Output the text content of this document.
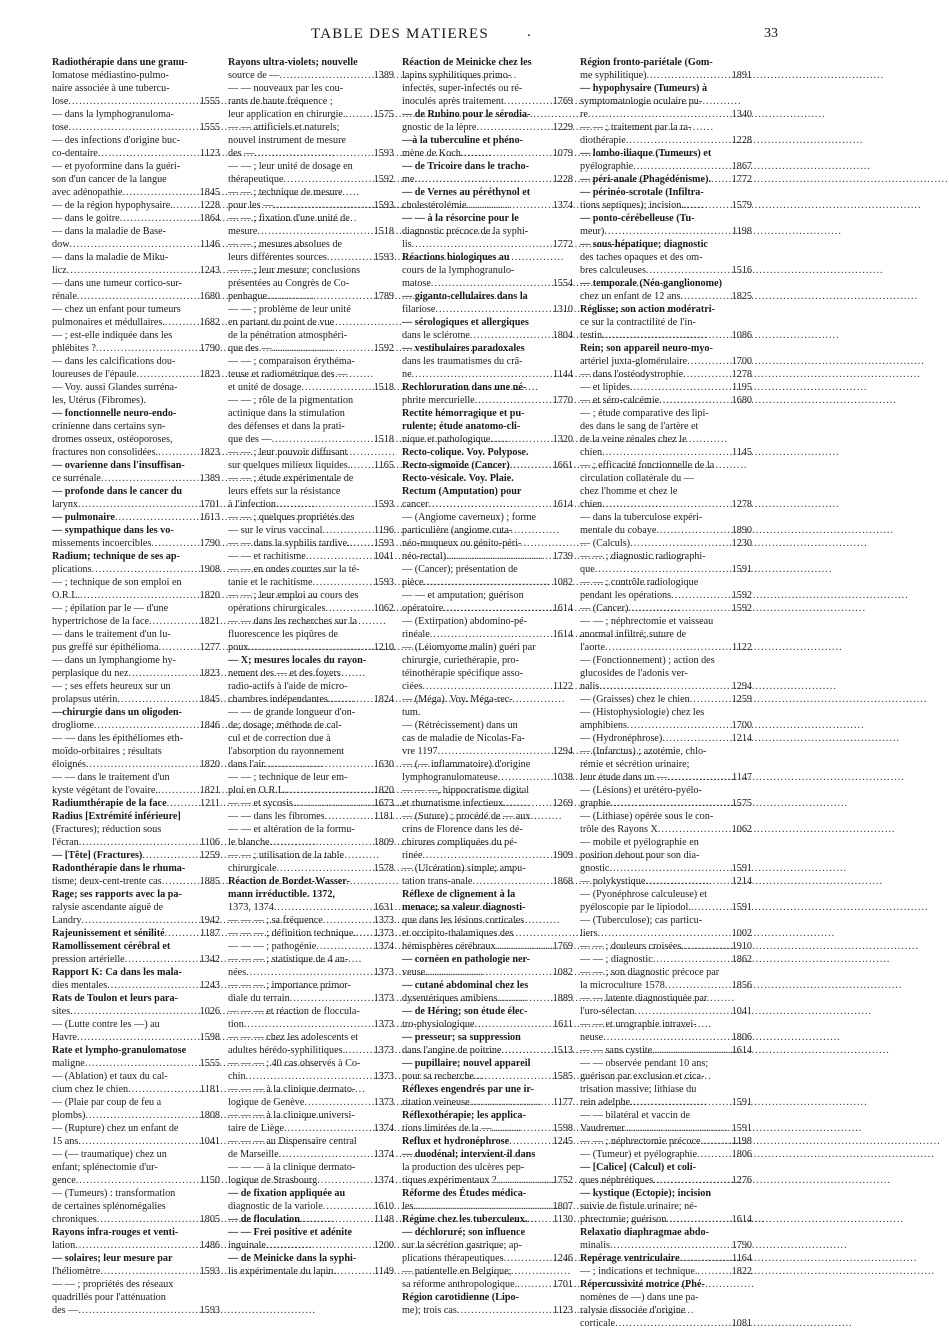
TABLE DES MATIERES	.	33
Radiothérapie dans une granu-
lomatose médiastino-pulmo-
naire associée à une tubercu-
lose .....	1555
— dans la lymphogranuloma-
tose .....	1555
— des infections d'origine buc-
co-dentaire .....	1123
— et pyoformine dans la guéri-
son d'un cancer de la langue
avec adénopathie .....	1845
— de la région hypophysaire. .....	1228
— dans le goitre .....	1864
— dans la maladie de Base-
dow .....	1146
— dans la maladie de Miku-
licz .....	1243
— dans une tumeur cortico-sur-
rénale .....	1680
— chez un enfant pour tumeurs
pulmonaires et médullaires. .....	1682
— ; est-elle indiquée dans les
phlébites ? .....	1790
— dans les calcifications dou-
loureuses de l'épaule .....	1823
— Voy. aussi Glandes surréna-
les, Utérus (Fibromes).
— fonctionnelle neuro-endo-
crinienne dans certains syn-
dromes osseux, ostéoporoses,
fractures non consolidées. .....	1823
— ovarienne dans l'insuffisan-
ce surrénale .....	1389
— profonde dans le cancer du
larynx .....	1701
— pulmonaire .....	1613
— sympathique dans les vo-
missements incoercibles .....	1790
Radium; technique de ses ap-
plications .....	1908
— ; technique de son emploi en
O.R.L. .....	1820
— ; épilation par le — d'une
hypertrichose de la face .....	1821
— dans le traitement d'un lu-
pus greffé sur épithélioma .....	1277
— dans un lymphangiome hy-
perplasique du nez .....	1823
— ; ses effets heureux sur un
prolapsus utérin .....	1845
—chirurgie dans un oligoden-
drogliome .....	1846
— — dans les épithéliomes eth-
moïdo-orbitaires ; résultats
éloignés .....	1820
— — dans le traitement d'un
kyste végétant de l'ovaire. .....	1821
Radiumthérapie de la face .....	1211
Radius [Extrémité inférieure]
(Fractures); réduction sous
l'écran .....	1106
— [Tête] (Fractures) .....	1259
Radonthérapie dans le rhuma-
tisme; deux-cent-trente cas .....	1885
Rage; ses rapports avec la pa-
ralysie ascendante aiguë de
Landry .....	1942
Rajeunissement et sénilité .....	1187
Ramollissement cérébral et
pression artérielle .....	1342
Rapport K: Ca dans les mala-
dies mentales .....	1243
Rats de Toulon et leurs para-
sites .....	1026
— (Lutte contre les —) au
Havre .....	1598
Rate et lympho-granulomatose
maligne .....	1555
— (Ablation) et taux du cal-
cium chez le chien .....	1181
— (Plaie par coup de feu a
plombs) .....	1808
— (Rupture) chez un enfant de
15 ans .....	1041
— (— traumatique) chez un
enfant; splénectomie d'ur-
gence .....	1150
— (Tumeurs) : transformation
de certaines splénomégalies
chroniques .....	1805
Rayons infra-rouges et venti-
lation .....	1486
— solaires; leur mesure par
l'héliomètre .....	1593
— — ; propriétés des réseaux
quadrillés pour l'atténuation
des — .....	1593
Rayons ultra-violets; nouvelle
source de — .....	1389
— — nouveaux par les cou-
rants de haute fréquence ;
leur application en chirurgie. .....	1575
— — artificiels et naturels;
nouvel instrument de mesure
des — .....	1593
— — ; leur unité de dosage en
thérapeutique .....	1592
— — ; technique de mesure
pour les — .....	1593
— — ; fixation d'une unité de
mesure .....	1518
— — ; mesures absolues de
leurs différentes sources .....	1593
— — ; leur mesure; conclusions
présentées au Congrès de Co-
penhague .....	1789
— — ; problème de leur unité
en partant du point de vue
de la pénétration atmosphéri-
que des — .....	1592
— — ; comparaison érythéma-
teuse et radiométrique des —
et unité de dosage .....	1518
— — ; rôle de la pigmentation
actinique dans la stimulation
des défenses et dans la prati-
que des — .....	1518
— — ; leur pouvoir diffusant
sur quelques milieux liquides. ..... 1165
— — ; étude expérimentale de
leurs effets sur la résistance
à l'infection .....	1593
— — ; quelques propriétés des
— sur le virus vaccinal .....	1196
— — dans la syphilis tardive. ..... 1593
— — et rachitisme .....	1041
— — en ondes courtes sur la té-
tanie et le rachitisme .....	1593
— — ; leur emploi au cours des
opérations chirurgicales .....	1062
— — dans les recherches sur la
fluorescence les piqûres de
poux .....	1210
— X; mesures locales du rayon-
nement des — et des foyers
radio-actifs à l'aide de micro-
chambres indépendantes .....	1824
— — de grande longueur d'on-
de; dosage; méthode de cal-
cul et de correction due à
l'absorption du rayonnement
dans l'air .....	1630
— — ; technique de leur em-
ploi en O.R.L. .....	1820
— — et sycosis .....	1673
— — dans les fibromes .....	1181
— — et altération de la formu-
le blanche .....	1809
— — ; utilisation de la table
chirurgicale .....	1578
Réaction de Bordet-Wasser-
mann irréductible. 1372,
1373, 1374 .....	1631
— — — ; sa fréquence .....	1373
— — — ; définition technique. ..... 1373
— — — ; pathogénie .....	1374
— — — ; statistique de 4 an-
nées .....	1373
— — — ; importance primor-
diale du terrain .....	1373
— — — et réaction de floccula-
tion .....	1373
— — — chez les adolescents et
adultes hérédo-syphilitiques. .....	1373
— — — ; 40 cas observés à Co-
chin .....	1373
— — — à la clinique dermato-
logique de Genève .....	1373
— — — à la clinique universi-
taire de Liège .....	1374
— — — au Dispensaire central
de Marseille .....	1374
— — — à la clinique dermato-
logique de Strasbourg .....	1374
— de fixation appliquée au
diagnostic de la variole .....	1610
— de floculation .....	1148
— — Frei positive et adénite
inguinale .....	1200
— de Meinicke dans la syphi-
lis expérimentale du lapin .....	1149
Réaction de Meinicke chez les
lapins syphilitiques primo-
infectés, super-infectés ou ré-
inoculés après traitement .....	1769
— de Rubino pour le sérodia-
gnostic de la lèpre .....	1229
—à la tuberculine et phéno-
mène de Koch .....	1079
— de Tricoire dans le tracho-
me .....	1228
— de Vernes au péréthynol et
cholestérolémie .....	1374
— — à la résorcine pour le
diagnostic précoce de la syphi-
lis .....	1772
Réactions biologiques au
cours de la lymphogranulo-
matose .....	1554
— giganto-cellulaires dans la
filariose .....	1310
— sérologiques et allergiques
dans le sclérome .....	1804
— vestibulaires paradoxales
dans les traumatismes du crâ-
ne .....	1144
Rechloruration dans une né-
phrite mercurielle .....	1770
Rectite hémorragique et pu-
rulente; étude anatomo-cli-
nique et pathologique .....	1320
Recto-colique. Voy. Polypose.
Recto-sigmoïde (Cancer) .....	1661
Recto-vésicale. Voy. Plaie.
Rectum (Amputation) pour
cancer .....	1614
— (Angiome caverneux) ; forme
particulière (angiome cuta-
néo-muqueux ou génito-péri-
néo-rectal) .....	1739
— (Cancer); présentation de
pièce .....	1082
— — et amputation; guérison
opératoire .....	1614
— (Extirpation) abdomino-pé-
rinéale .....	1614
— (Léiomyome malin) guéri par
chirurgie, curiethérapie, pro-
téinothérapie spécifique asso-
ciées .....	1122
— (Méga). Voy. Méga-rec-
tum.
— (Rétrécissement) dans un
cas de maladie de Nicolas-Fa-
vre 1197 .....	1294
— (— inflammatoire) d'origine
lymphogranulomateuse .....	1038
— — —, hippocratisme digital
et rhumatisme infectieux .....	1269
— (Suture) ; procédé de — aux
crins de Florence dans les dé-
chirures compliquées du pé-
rinée .....	1909
— (Ulcération) simple; ampu-
tation trans-anale .....	1868
Réflexe de clignement à la
menace; sa valeur diagnosti-
que dans les lésions corticales
et occipito-thalamiques des
hémisphères cérébraux .....	1769
— cornéen en pathologie ner-
veuse .....	1082
— cutané abdominal chez les
dysentériques amibiens .....	1889
— de Héring; son étude élec-
tro-physiologique .....	1611
— presseur; sa suppression
dans l'angine de poitrine .....	1513
— pupillaire; nouvel appareil
pour sa recherche .....	1585
Réflexes engendrés par une ir-
ritation veineuse .....	1177
Réflexothérapie; les applica-
tions limitées de la — .....	1598
Reflux et hydronéphrose .....	1245
— duodénal; intervient-il dans
la production des ulcères pep-
tiques expérimentaux ? .....	1752
Réforme des Études médica-
les .....	1807
Régime chez les tuberculeux. .....	1130
— déchloruré; son influence
sur la sécrétion gastrique; ap-
plications thérapeutiques .....	1246
— patientelle en Belgique;
sa réforme anthropologique. .....	1701
Région carotidienne (Lipo-
me); trois cas .....	1123
Région fronto-pariétale (Gom-
me syphilitique) .....	1891
— hypophysaire (Tumeurs) à
symptomatologie oculaire pu-
re .....	1340
— — ; traitement par la ra-
diothérapie .....	1228
— lombo-iliaque (Tumeurs) et
pyélographie .....	1867
— péri-anale (Phagédénisme). ..... 1772
— périnéo-scrotale (Infiltra-
tions septiques); incision. .....	1579
— ponto-cérébelleuse (Tu-
meur) .....	1198
— sous-hépatique; diagnostic
des taches opaques et des om-
bres calculeuses .....	1516
— temporale (Néo-ganglionome)
chez un enfant de 12 ans .....	1825
Réglisse; son action modératri-
ce sur la contractilité de l'in-
testin .....	1086
Rein; son appareil neuro-myo-
artériel juxta-glomérulaire .....	1700
— dans l'ostéodystrophie .....	1278
— et lipides .....	1195
— et séro-calcémie .....	1680
— ; étude comparative des lipi-
des dans le sang de l'artère et
de la veine rénales chez le
chien .....	1145
— ; efficacité fonctionnelle de la
circulation collatérale du —
chez l'homme et chez le
chien .....	1278
— dans la tuberculose expéri-
mentale du cobaye .....	1890
— (Calculs) .....	1230
— — ; diagnostic radiographi-
que .....	1591
— — ; contrôle radiologique
pendant les opérations .....	1592
— (Cancer) .....	1592
— — ; néphrectomie et vaisseau
anormal infiltré; suture de
l'aorte .....	1122
— (Fonctionnement) ; action des
glucosides de l'adonis ver-
nalis .....	1294
— (Graisses) chez le chien .....	1259
— (Histophysiologie) chez les
amphibiens .....	1700
— (Hydronéphrose) .....	1214
— (Infarctus) ; azotémie, chlo-
rémie et sécrétion urinaire;
leur étude dans un — .....	1147
— (Lésions) et urétéro-pyélo-
graphie .....	1575
— (Lithiase) opérée sous le con-
trôle des Rayons X .....	1062
— mobile et pyélographie en
position debout pour son dia-
gnostic .....	1591
— polykystique .....	1214
— (Pyonéphrose calculeuse) et
pyéloscopie par le lipiodol. .....	1591
— (Tuberculose); cas particu-
liers .....	1002
— — ; douleurs croisées .....	1910
— — ; diagnostic .....	1862
— — ; son diagnostic précoce par
la microculture 1578 .....	1856
— — latente diagnostiquée par
l'uro-sélectan .....	1041
— — et urographie intravei-
neuse .....	1806
— — sans cystite .....	1614
— — observée pendant 10 ans;
guérison par exclusion et cica-
trisation massive; lithiase du
rein adelphe .....	1591
— — bilatéral et vaccin de
Vaudremer .....	1591
— — ; néphrectomie précoce. .....	1198
— (Tumeur) et pyélographie .....	1806
— [Calice] (Calcul) et coli-
ques néphrétiques .....	1276
— kystique (Ectopie); incision
suivie de fistule urinaire; né-
phrectomie; guérison .....	1614
Relaxatio diaphragmae abdo-
minalis .....	1790
Repérage ventriculaire .....	1164
— ; indications et technique. .....	1822
Répercussivité motrice (Phé-
nomènes de —) dans une pa-
ralysie dissociée d'origine
corticale .....	1081
